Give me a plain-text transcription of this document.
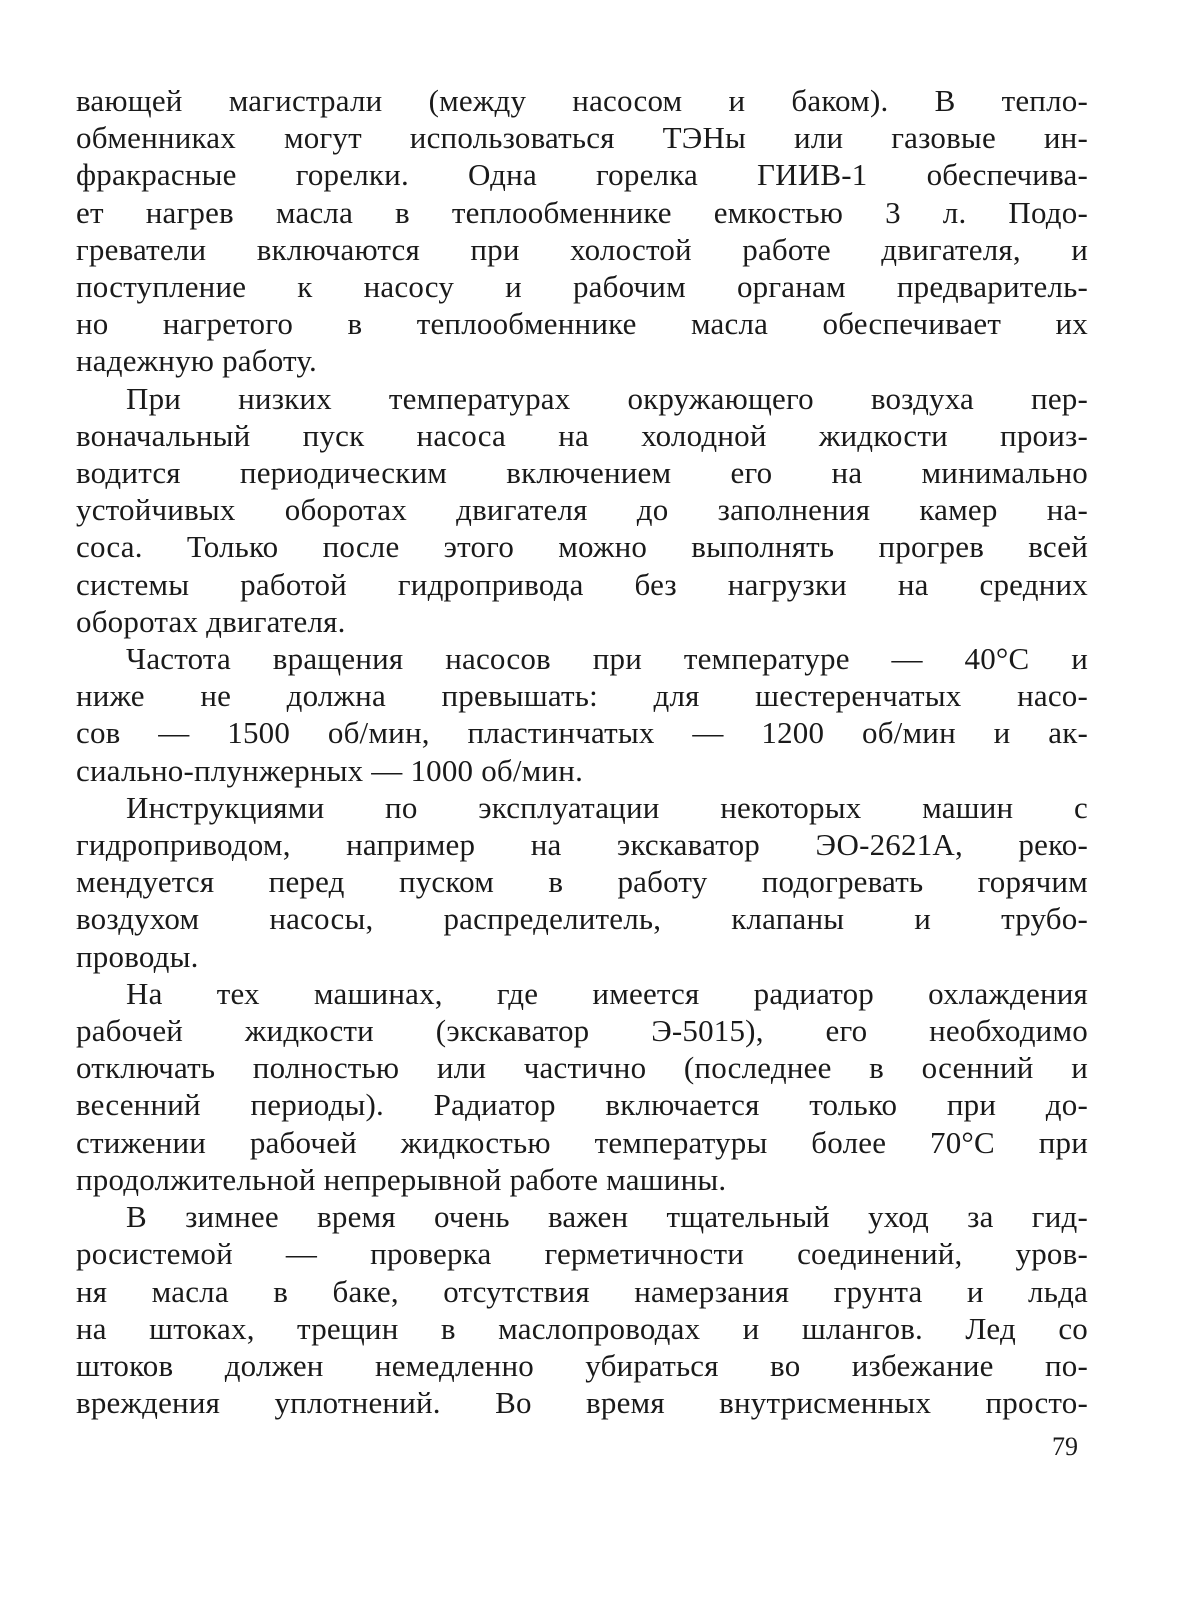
вающей магистрали (между насосом и баком). В тепло-
обменниках могут использоваться ТЭНы или газовые ин-
фракрасные горелки. Одна горелка ГИИВ-1 обеспечива-
ет нагрев масла в теплообменнике емкостью 3 л. Подо-
греватели включаются при холостой работе двигателя, и
поступление к насосу и рабочим органам предваритель-
но нагретого в теплообменнике масла обеспечивает их
надежную работу.
При низких температурах окружающего воздуха пер-
воначальный пуск насоса на холодной жидкости произ-
водится периодическим включением его на минимально
устойчивых оборотах двигателя до заполнения камер на-
соса. Только после этого можно выполнять прогрев всей
системы работой гидропривода без нагрузки на средних
оборотах двигателя.
Частота вращения насосов при температуре — 40°С и
ниже не должна превышать: для шестеренчатых насо-
сов — 1500 об/мин, пластинчатых — 1200 об/мин и ак-
сиально-плунжерных — 1000 об/мин.
Инструкциями по эксплуатации некоторых машин с
гидроприводом, например на экскаватор ЭО-2621А, реко-
мендуется перед пуском в работу подогревать горячим
воздухом насосы, распределитель, клапаны и трубо-
проводы.
На тех машинах, где имеется радиатор охлаждения
рабочей жидкости (экскаватор Э-5015), его необходимо
отключать полностью или частично (последнее в осенний и
весенний периоды). Радиатор включается только при до-
стижении рабочей жидкостью температуры более 70°С при
продолжительной непрерывной работе машины.
В зимнее время очень важен тщательный уход за гид-
росистемой — проверка герметичности соединений, уров-
ня масла в баке, отсутствия намерзания грунта и льда
на штоках, трещин в маслопроводах и шлангов. Лед со
штоков должен немедленно убираться во избежание по-
вреждения уплотнений. Во время внутрисменных просто-
79
